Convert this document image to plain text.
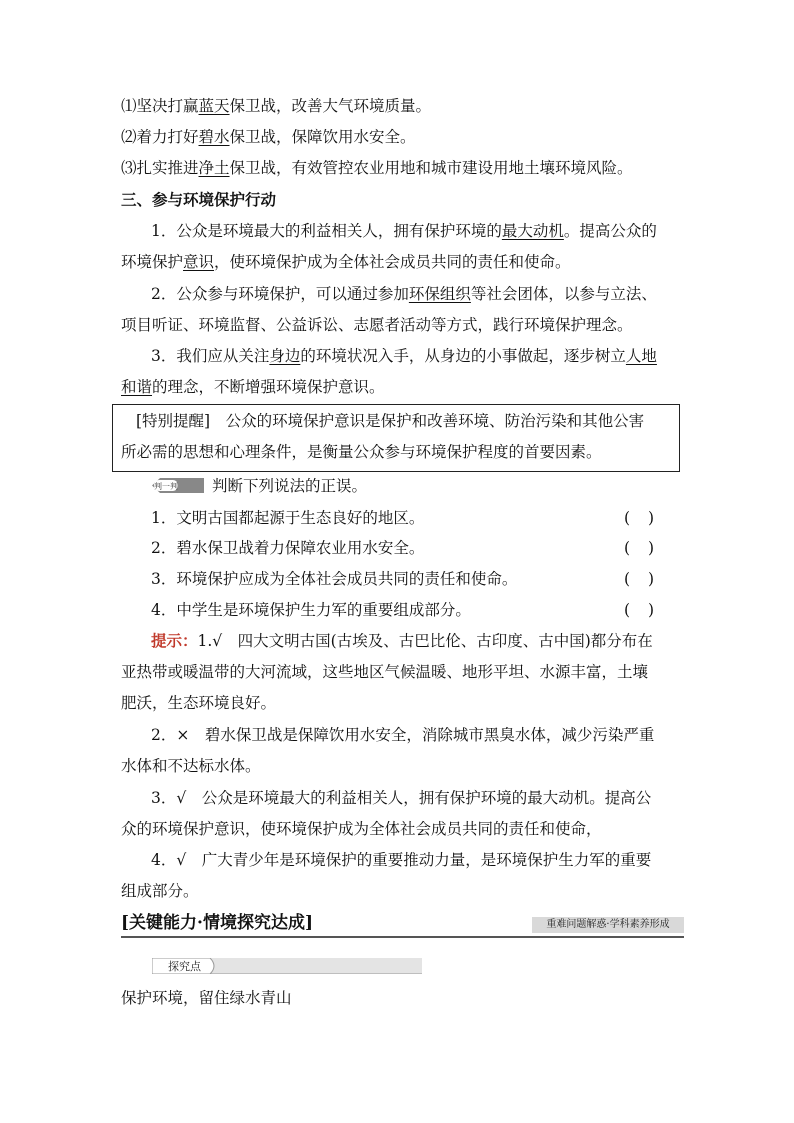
⑴坚决打赢蓝天保卫战，改善大气环境质量。
⑵着力打好碧水保卫战，保障饮用水安全。
⑶扎实推进净土保卫战，有效管控农业用地和城市建设用地土壤环境风险。
三、参与环境保护行动
1．公众是环境最大的利益相关人，拥有保护环境的最大动机。提高公众的
环境保护意识，使环境保护成为全体社会成员共同的责任和使命。
2．公众参与环境保护，可以通过参加环保组织等社会团体，以参与立法、
项目听证、环境监督、公益诉讼、志愿者活动等方式，践行环境保护理念。
3．我们应从关注身边的环境状况入手，从身边的小事做起，逐步树立人地
和谐的理念，不断增强环境保护意识。
[特别提醒]　 公众的环境保护意识是保护和改善环境、防治污染和其他公害
所必需的思想和心理条件，是衡量公众参与环境保护程度的首要因素。
判一判 判断下列说法的正误。
1．文明古国都起源于生态良好的地区。	()
2．碧水保卫战着力保障农业用水安全。	()
3．环境保护应成为全体社会成员共同的责任和使命。	()
4．中学生是环境保护生力军的重要组成部分。	()
提示：1.√　四大文明古国(古埃及、古巴比伦、古印度、古中国)都分布在
亚热带或暖温带的大河流域，这些地区气候温暖、地形平坦、水源丰富，土壤
肥沃，生态环境良好。
2．×　碧水保卫战是保障饮用水安全，消除城市黑臭水体，减少污染严重
水体和不达标水体。
3．√　公众是环境最大的利益相关人，拥有保护环境的最大动机。提高公
众的环境保护意识，使环境保护成为全体社会成员共同的责任和使命，
4．√　广大青少年是环境保护的重要推动力量，是环境保护生力军的重要
组成部分。
[关键能力·情境探究达成]	重难问题解惑·学科素养形成
探究点
保护环境，留住绿水青山
